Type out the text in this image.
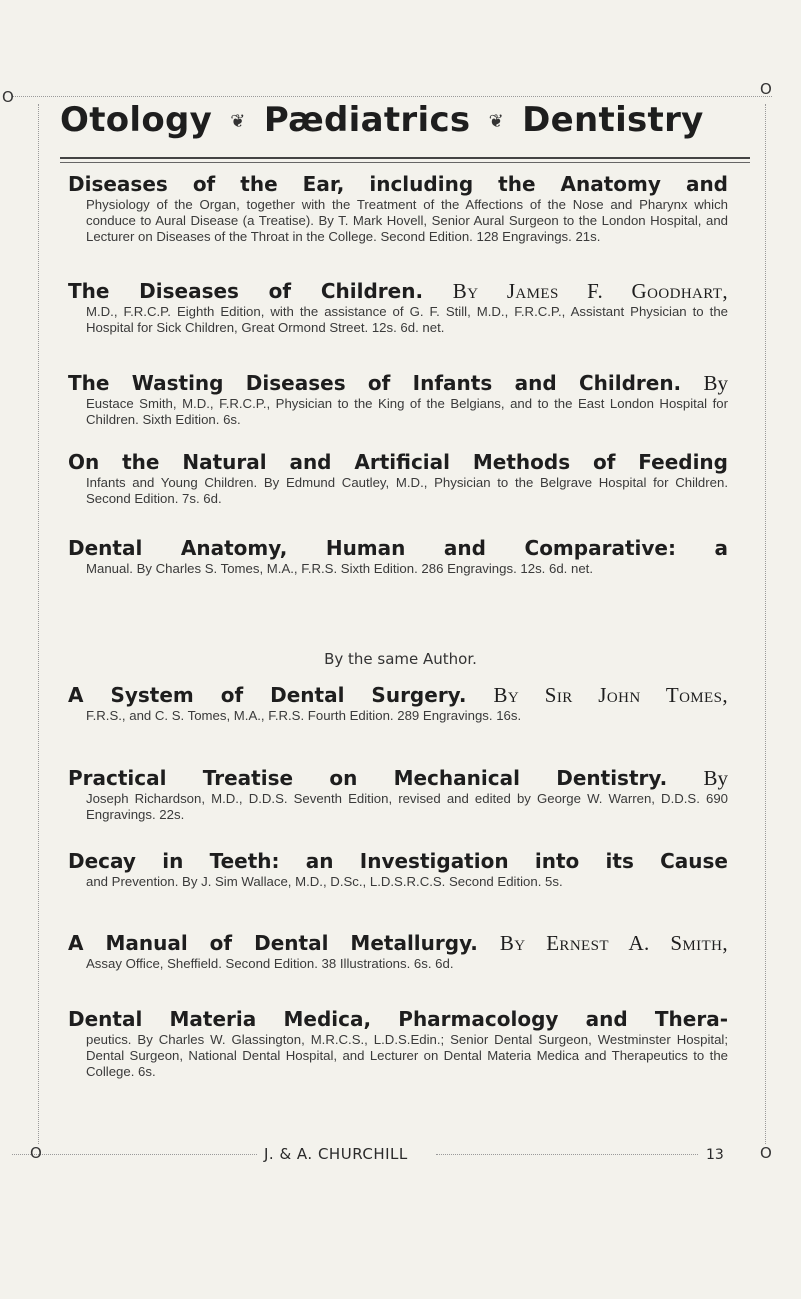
O	O
O	O
Otology ❦ Pædiatrics ❦ Dentistry
Diseases of the Ear, including the Anatomy and
Physiology of the Organ, together with the Treatment of the Affections of the Nose and Pharynx which conduce to Aural Disease (a Treatise). By T. Mark Hovell, Senior Aural Surgeon to the London Hospital, and Lecturer on Diseases of the Throat in the College. Second Edition. 128 Engravings. 21s.
The Diseases of Children. By James F. Goodhart,
M.D., F.R.C.P. Eighth Edition, with the assistance of G. F. Still, M.D., F.R.C.P., Assistant Physician to the Hospital for Sick Children, Great Ormond Street. 12s. 6d. net.
The Wasting Diseases of Infants and Children. By
Eustace Smith, M.D., F.R.C.P., Physician to the King of the Belgians, and to the East London Hospital for Children. Sixth Edition. 6s.
On the Natural and Artificial Methods of Feeding
Infants and Young Children. By Edmund Cautley, M.D., Physician to the Belgrave Hospital for Children. Second Edition. 7s. 6d.
Dental Anatomy, Human and Comparative: a
Manual. By Charles S. Tomes, M.A., F.R.S. Sixth Edition. 286 Engravings. 12s. 6d. net.
By the same Author.
A System of Dental Surgery. By Sir John Tomes,
F.R.S., and C. S. Tomes, M.A., F.R.S. Fourth Edition. 289 Engravings. 16s.
Practical Treatise on Mechanical Dentistry. By
Joseph Richardson, M.D., D.D.S. Seventh Edition, revised and edited by George W. Warren, D.D.S. 690 Engravings. 22s.
Decay in Teeth: an Investigation into its Cause
and Prevention. By J. Sim Wallace, M.D., D.Sc., L.D.S.R.C.S. Second Edition. 5s.
A Manual of Dental Metallurgy. By Ernest A. Smith,
Assay Office, Sheffield. Second Edition. 38 Illustrations. 6s. 6d.
Dental Materia Medica, Pharmacology and Thera-
peutics. By Charles W. Glassington, M.R.C.S., L.D.S.Edin.; Senior Dental Surgeon, Westminster Hospital; Dental Surgeon, National Dental Hospital, and Lecturer on Dental Materia Medica and Therapeutics to the College. 6s.
J. & A. CHURCHILL	13
